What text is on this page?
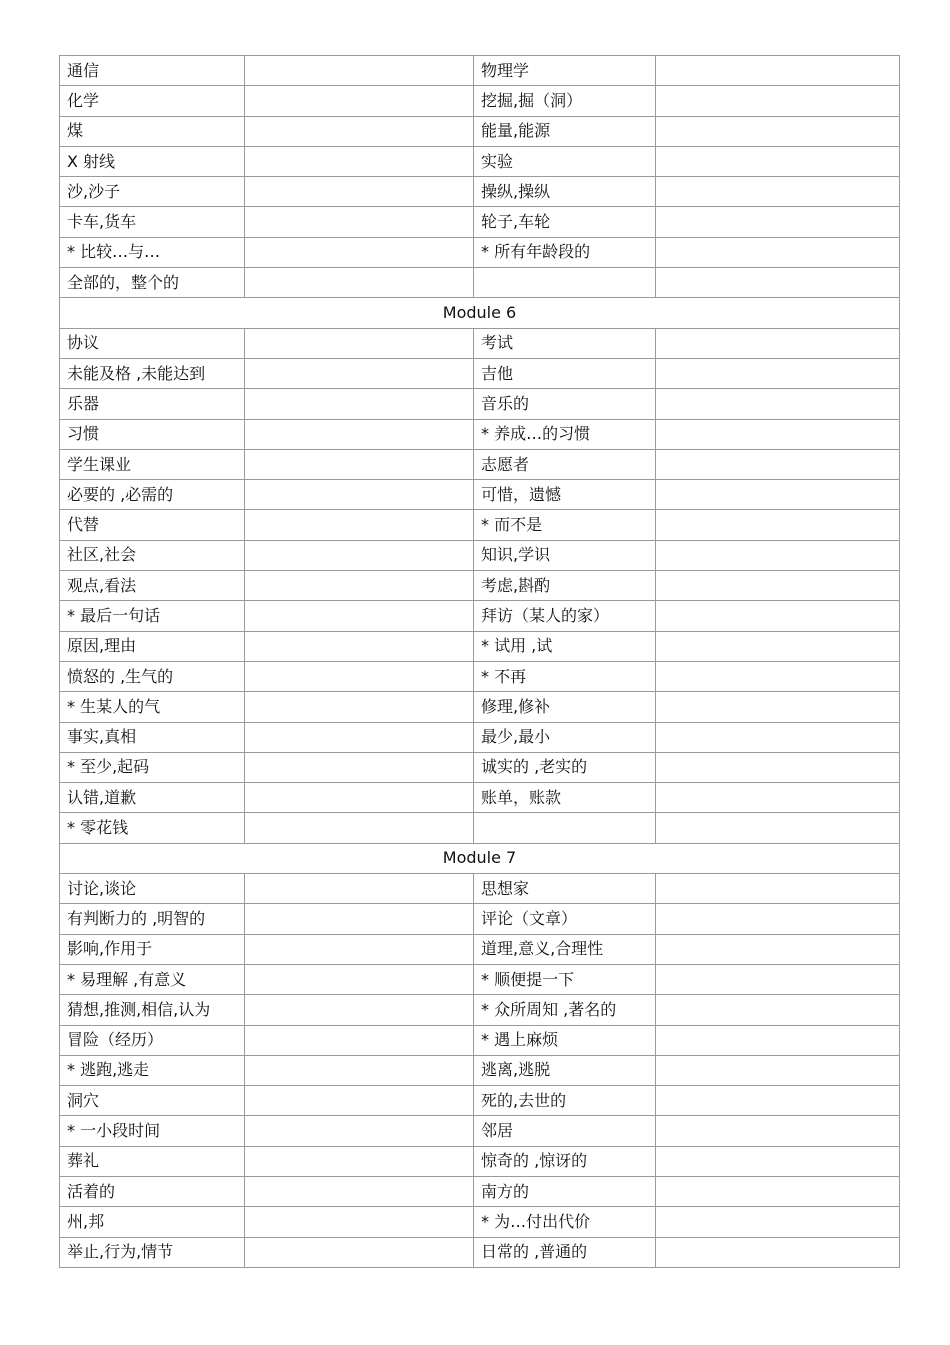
通信		物理学	
化学		挖掘,掘（洞）	
煤		能量,能源	
X 射线		实验	
沙,沙子		操纵,操纵	
卡车,货车		轮子,车轮	
* 比较…与…		* 所有年龄段的	
全部的，整个的			
Module 6			
协议		考试	
未能及格 ,未能达到		吉他	
乐器		音乐的	
习惯		* 养成…的习惯	
学生课业		志愿者	
必要的 ,必需的		可惜，遗憾	
代替		* 而不是	
社区,社会		知识,学识	
观点,看法		考虑,斟酌	
* 最后一句话		拜访（某人的家）	
原因,理由		* 试用 ,试	
愤怒的 ,生气的		* 不再	
* 生某人的气		修理,修补	
事实,真相		最少,最小	
* 至少,起码		诚实的 ,老实的	
认错,道歉		账单，账款	
* 零花钱			
Module 7			
讨论,谈论		思想家	
有判断力的 ,明智的		评论（文章）	
影响,作用于		道理,意义,合理性	
* 易理解 ,有意义		* 顺便提一下	
猜想,推测,相信,认为		* 众所周知 ,著名的	
冒险（经历）		* 遇上麻烦	
* 逃跑,逃走		逃离,逃脱	
洞穴		死的,去世的	
* 一小段时间		邻居	
葬礼		惊奇的 ,惊讶的	
活着的		南方的	
州,邦		* 为…付出代价	
举止,行为,情节		日常的 ,普通的	
